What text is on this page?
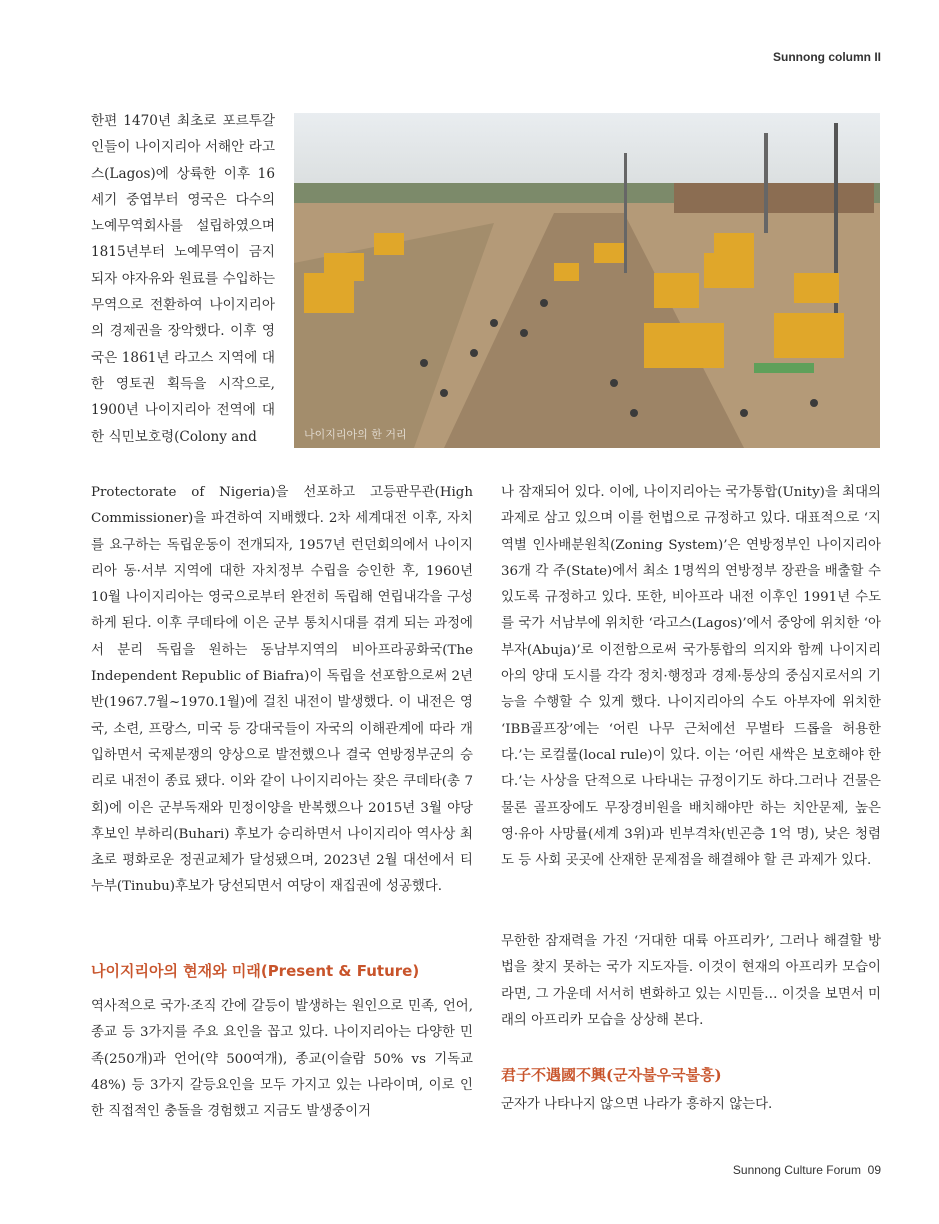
Sunnong column II
나이지리아의 한 거리

한편 1470년 최초로 포르투갈 인들이 나이지리아 서해안 라고스(Lagos)에 상륙한 이후 16세기 중엽부터 영국은 다수의 노예무역회사를 설립하였으며 1815년부터 노예무역이 금지되자 야자유와 원료를 수입하는 무역으로 전환하여 나이지리아의 경제권을 장악했다. 이후 영국은 1861년 라고스 지역에 대한 영토권 획득을 시작으로, 1900년 나이지리아 전역에 대한 식민보호령(Colony and

Protectorate of Nigeria)을 선포하고 고등판무관(High Commissioner)을 파견하여 지배했다. 2차 세계대전 이후, 자치를 요구하는 독립운동이 전개되자, 1957년 런던회의에서 나이지리아 동·서부 지역에 대한 자치정부 수립을 승인한 후, 1960년 10월 나이지리아는 영국으로부터 완전히 독립해 연립내각을 구성하게 된다. 이후 쿠데타에 이은 군부 통치시대를 겪게 되는 과정에서 분리 독립을 원하는 동남부지역의 비아프라공화국(The Independent Republic of Biafra)이 독립을 선포함으로써 2년 반(1967.7월~1970.1월)에 걸친 내전이 발생했다. 이 내전은 영국, 소련, 프랑스, 미국 등 강대국들이 자국의 이해관계에 따라 개입하면서 국제분쟁의 양상으로 발전했으나 결국 연방정부군의 승리로 내전이 종료 됐다. 이와 같이 나이지리아는 잦은 쿠데타(총 7회)에 이은 군부독재와 민정이양을 반복했으나 2015년 3월 야당 후보인 부하리(Buhari) 후보가 승리하면서 나이지리아 역사상 최초로 평화로운 정권교체가 달성됐으며, 2023년 2월 대선에서 티누부(Tinubu)후보가 당선되면서 여당이 재집권에 성공했다.

나이지리아의 현재와 미래(Present & Future)

역사적으로 국가·조직 간에 갈등이 발생하는 원인으로 민족, 언어, 종교 등 3가지를 주요 요인을 꼽고 있다. 나이지리아는 다양한 민족(250개)과 언어(약 500여개), 종교(이슬람 50% vs 기독교 48%) 등 3가지 갈등요인을 모두 가지고 있는 나라이며, 이로 인한 직접적인 충돌을 경험했고 지금도 발생중이거

나 잠재되어 있다. 이에, 나이지리아는 국가통합(Unity)을 최대의 과제로 삼고 있으며 이를 헌법으로 규정하고 있다. 대표적으로 ‘지역별 인사배분원칙(Zoning System)’은 연방정부인 나이지리아 36개 각 주(State)에서 최소 1명씩의 연방정부 장관을 배출할 수 있도록 규정하고 있다. 또한, 비아프라 내전 이후인 1991년 수도를 국가 서남부에 위치한 ‘라고스(Lagos)’에서 중앙에 위치한 ‘아부자(Abuja)’로 이전함으로써 국가통합의 의지와 함께 나이지리아의 양대 도시를 각각 정치·행정과 경제·통상의 중심지로서의 기능을 수행할 수 있게 했다. 나이지리아의 수도 아부자에 위치한 ‘IBB골프장’에는 ‘어린 나무 근처에선 무벌타 드롭을 허용한다.’는 로컬룰(local rule)이 있다. 이는 ‘어린 새싹은 보호해야 한다.’는 사상을 단적으로 나타내는 규정이기도 하다.그러나 건물은 물론 골프장에도 무장경비원을 배치해야만 하는 치안문제, 높은 영·유아 사망률(세계 3위)과 빈부격차(빈곤층 1억 명), 낮은 청렴도 등 사회 곳곳에 산재한 문제점을 해결해야 할 큰 과제가 있다.

무한한 잠재력을 가진 ‘거대한 대륙 아프리카’, 그러나 해결할 방법을 찾지 못하는 국가 지도자들. 이것이 현재의 아프리카 모습이라면, 그 가운데 서서히 변화하고 있는 시민들… 이것을 보면서 미래의 아프리카 모습을 상상해 본다.

君子不遇國不興(군자불우국불흥)

군자가 나타나지 않으면 나라가 흥하지 않는다.

Sunnong Culture Forum 09
